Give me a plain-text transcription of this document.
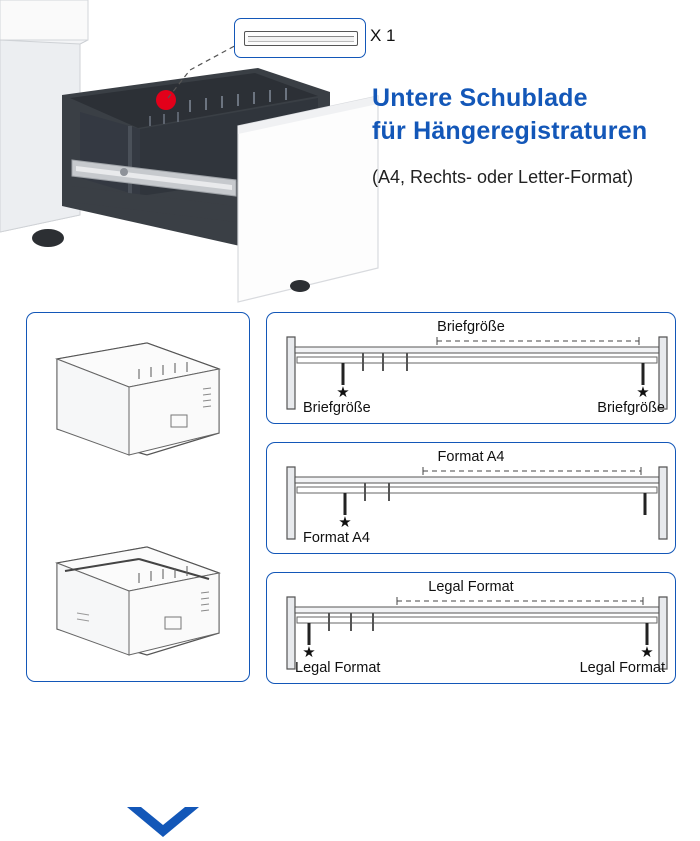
X 1
Untere Schublade
für Hängeregistraturen
(A4, Rechts- oder Letter-Format)
★	★
Briefgröße
Briefgröße	Briefgröße
★
Format A4
Format A4
★	★
Legal Format
Legal Format	Legal Format
